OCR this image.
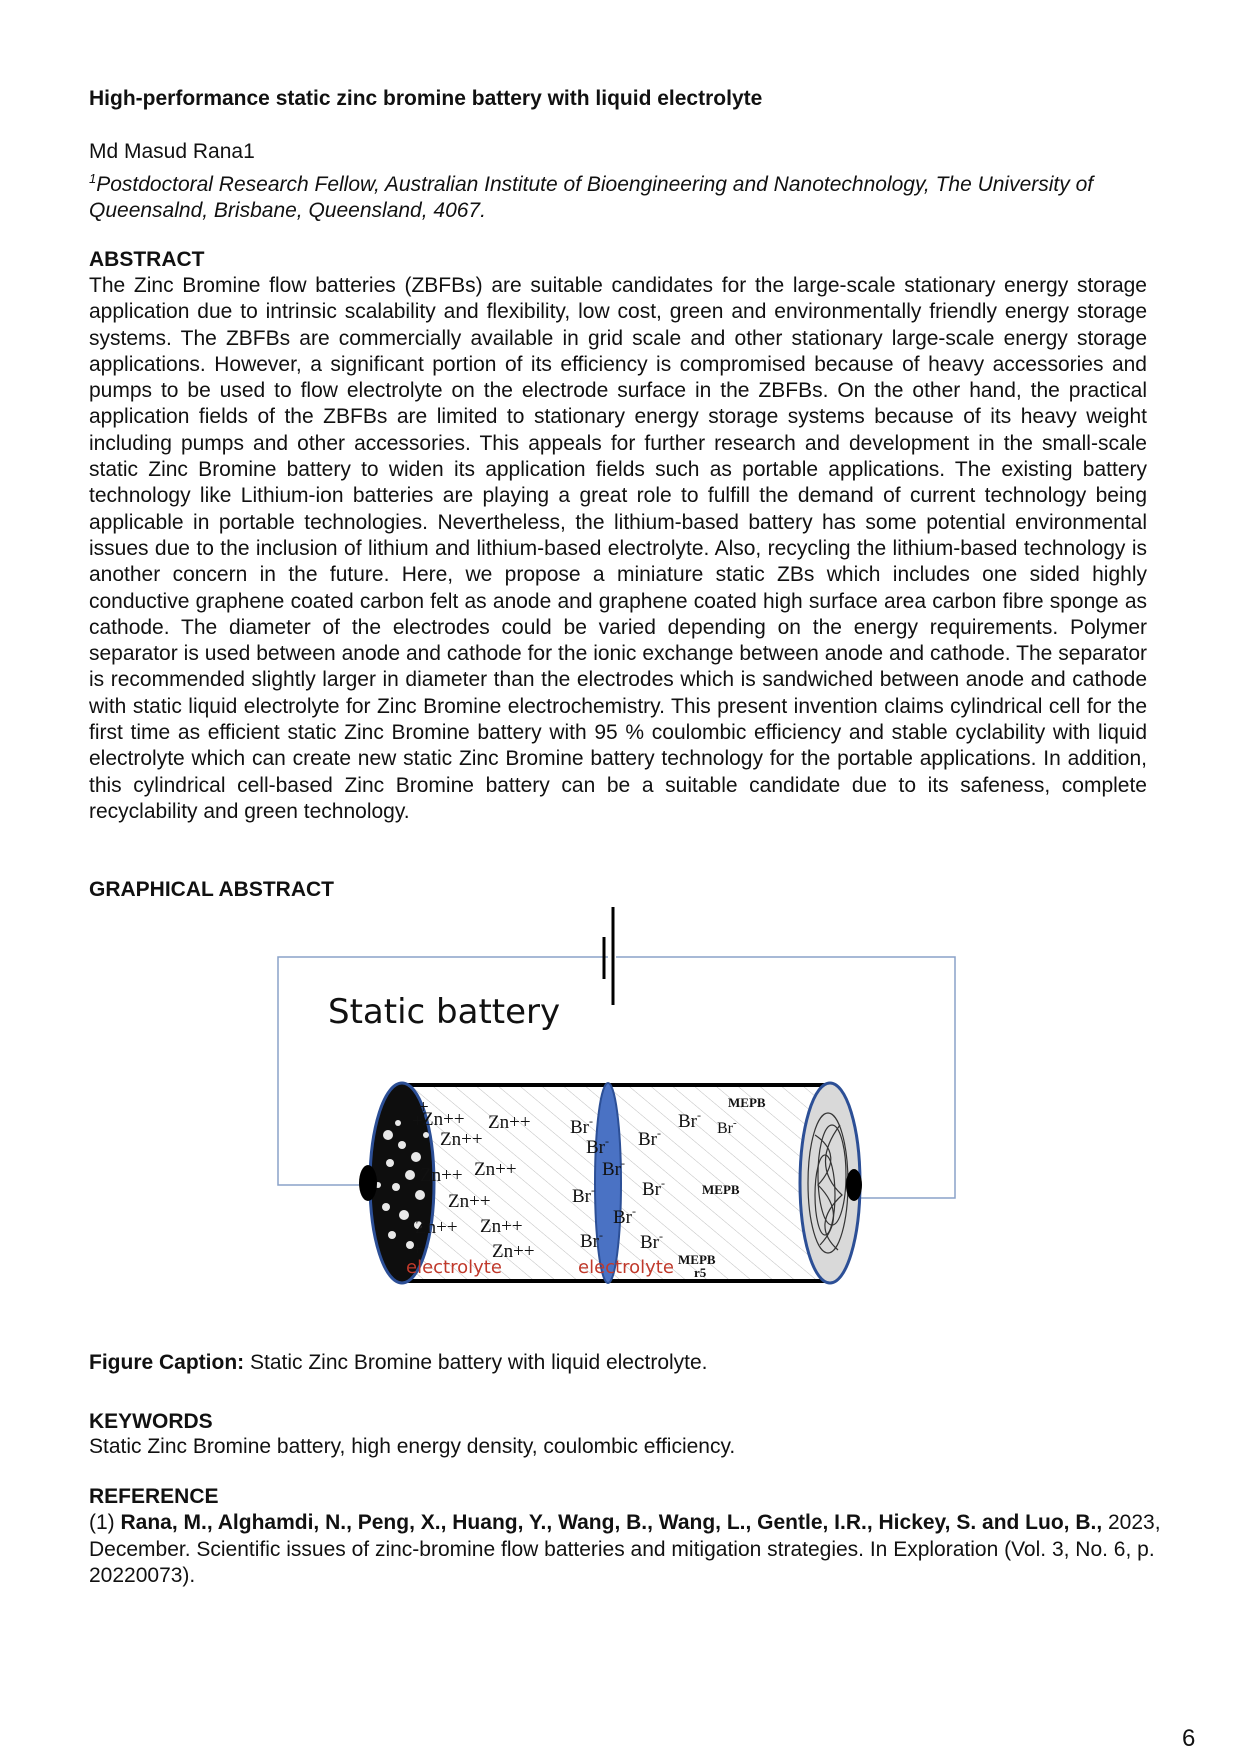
High-performance static zinc bromine battery with liquid electrolyte
Md Masud Rana1
$^1$Postdoctoral Research Fellow, Australian Institute of Bioengineering and Nanotechnology, The University of Queensalnd, Brisbane, Queensland, 4067.
ABSTRACT
The Zinc Bromine flow batteries (ZBFBs) are suitable candidates for the large-scale stationary energy storage application due to intrinsic scalability and flexibility, low cost, green and environmentally friendly energy storage systems. The ZBFBs are commercially available in grid scale and other stationary large-scale energy storage applications. However, a significant portion of its efficiency is compromised because of heavy accessories and pumps to be used to flow electrolyte on the electrode surface in the ZBFBs. On the other hand, the practical application fields of the ZBFBs are limited to stationary energy storage systems because of its heavy weight including pumps and other accessories. This appeals for further research and development in the small-scale static Zinc Bromine battery to widen its application fields such as portable applications. The existing battery technology like Lithium-ion batteries are playing a great role to fulfill the demand of current technology being applicable in portable technologies. Nevertheless, the lithium-based battery has some potential environmental issues due to the inclusion of lithium and lithium-based electrolyte. Also, recycling the lithium-based technology is another concern in the future. Here, we propose a miniature static ZBs which includes one sided highly conductive graphene coated carbon felt as anode and graphene coated high surface area carbon fibre sponge as cathode. The diameter of the electrodes could be varied depending on the energy requirements. Polymer separator is used between anode and cathode for the ionic exchange between anode and cathode. The separator is recommended slightly larger in diameter than the electrodes which is sandwiched between anode and cathode with static liquid electrolyte for Zinc Bromine electrochemistry. This present invention claims cylindrical cell for the first time as efficient static Zinc Bromine battery with 95 % coulombic efficiency and stable cyclability with liquid electrolyte which can create new static Zinc Bromine battery technology for the portable applications. In addition, this cylindrical cell-based Zinc Bromine battery can be a suitable candidate due to its safeness, complete recyclability and green technology.
GRAPHICAL ABSTRACT
Static battery
+
+
+
Zn++ Zn++
Zn++
Zn++ Zn++
Zn++
Zn++ Zn++
Zn++
Br-
Br- Br-
Br-
Br-
Br- Br-
Br-
Br- Br-
Br-
electrolyte	electrolyte
MEPB
MEPB
MEPB
r5
Figure Caption: Static Zinc Bromine battery with liquid electrolyte.
KEYWORDS
Static Zinc Bromine battery, high energy density, coulombic efficiency.
REFERENCE
(1) Rana, M., Alghamdi, N., Peng, X., Huang, Y., Wang, B., Wang, L., Gentle, I.R., Hickey, S. and Luo, B., 2023, December. Scientific issues of zinc-bromine flow batteries and mitigation strategies. In Exploration (Vol. 3, No. 6, p. 20220073).
6
